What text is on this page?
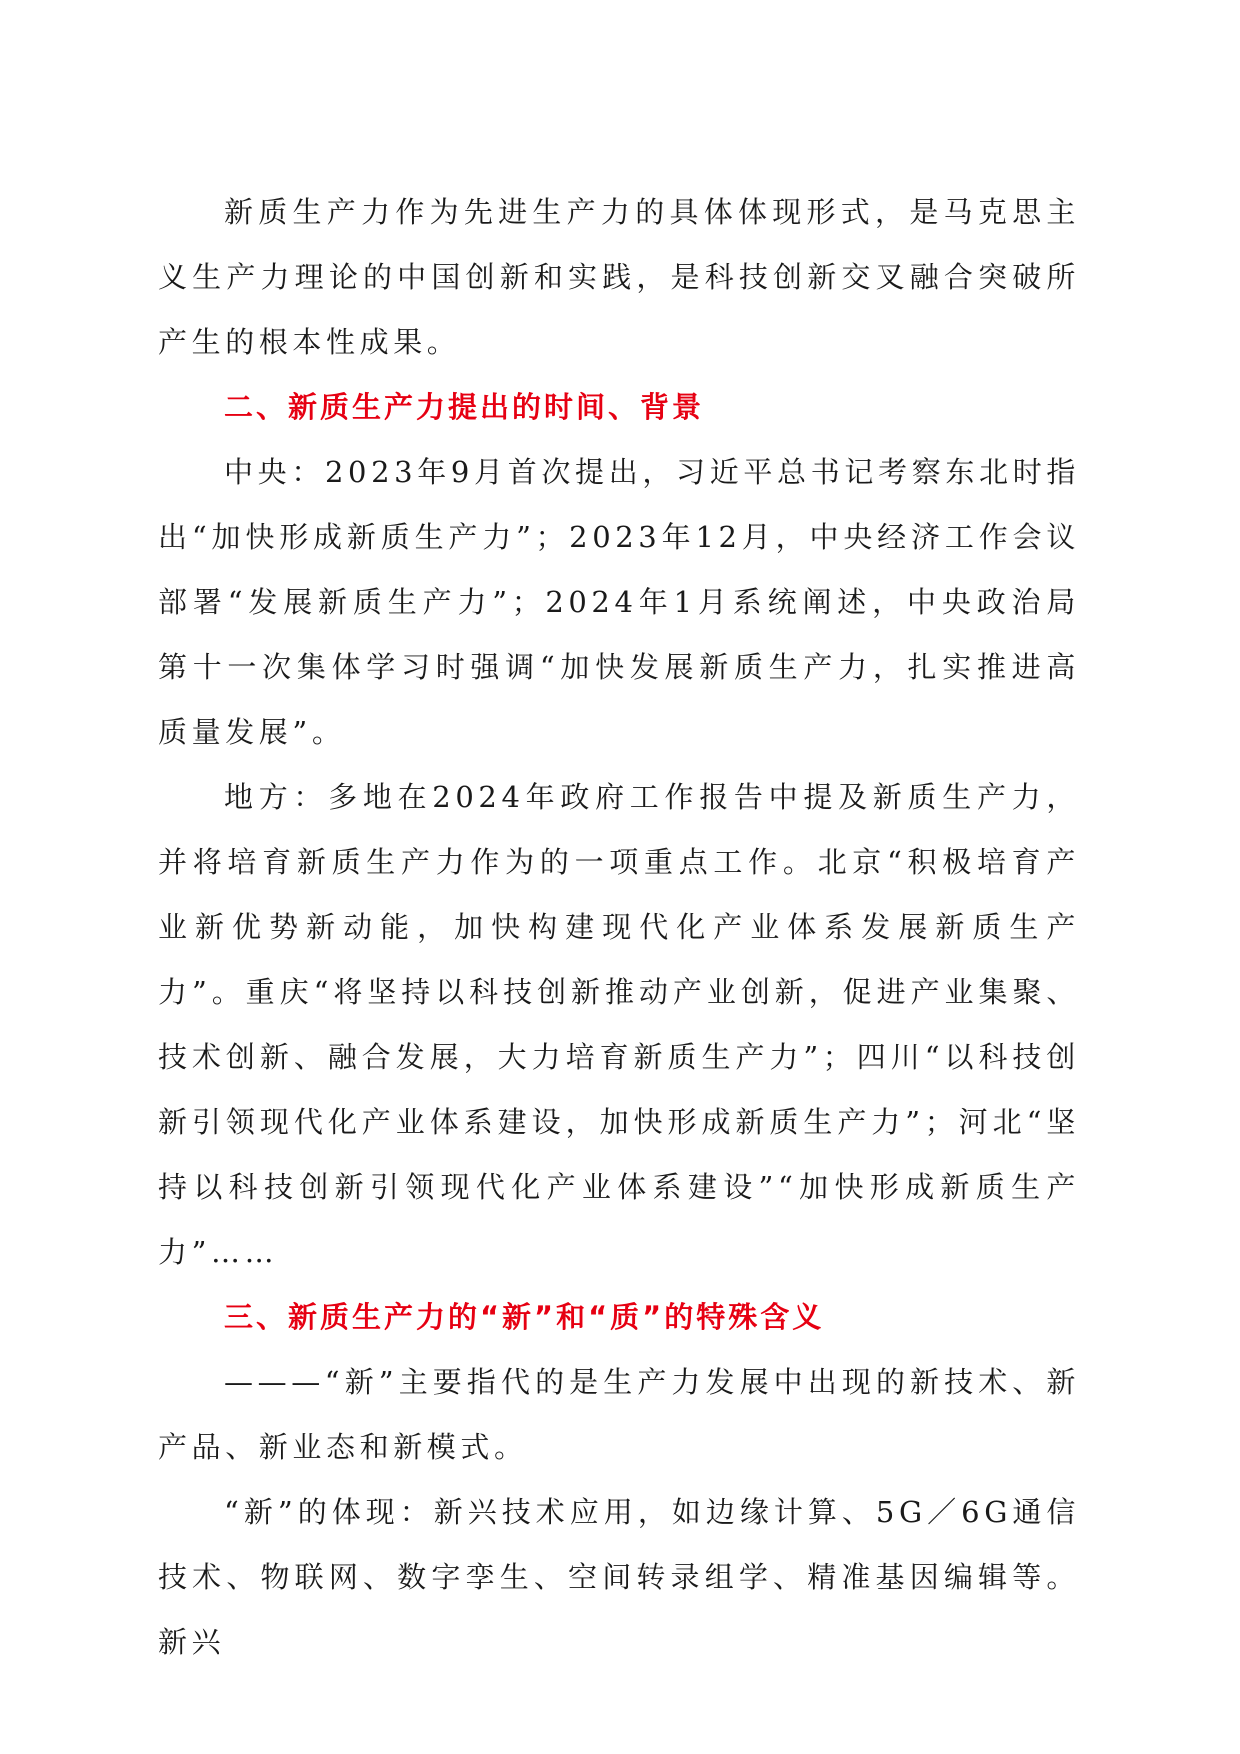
新质生产力作为先进生产力的具体体现形式，是马克思主义生产力理论的中国创新和实践，是科技创新交叉融合突破所产生的根本性成果。

二、新质生产力提出的时间、背景

中央：2023年9月首次提出，习近平总书记考察东北时指出“加快形成新质生产力”；2023年12月，中央经济工作会议部署“发展新质生产力”；2024年1月系统阐述，中央政治局第十一次集体学习时强调“加快发展新质生产力，扎实推进高质量发展”。

地方：多地在2024年政府工作报告中提及新质生产力，并将培育新质生产力作为的一项重点工作。北京“积极培育产业新优势新动能，加快构建现代化产业体系发展新质生产力”。重庆“将坚持以科技创新推动产业创新，促进产业集聚、技术创新、融合发展，大力培育新质生产力”；四川“以科技创新引领现代化产业体系建设，加快形成新质生产力”；河北“坚持以科技创新引领现代化产业体系建设”“加快形成新质生产力”……

三、新质生产力的“新”和“质”的特殊含义

———“新”主要指代的是生产力发展中出现的新技术、新产品、新业态和新模式。

“新”的体现：新兴技术应用，如边缘计算、5G／6G通信技术、物联网、数字孪生、空间转录组学、精准基因编辑等。新兴
